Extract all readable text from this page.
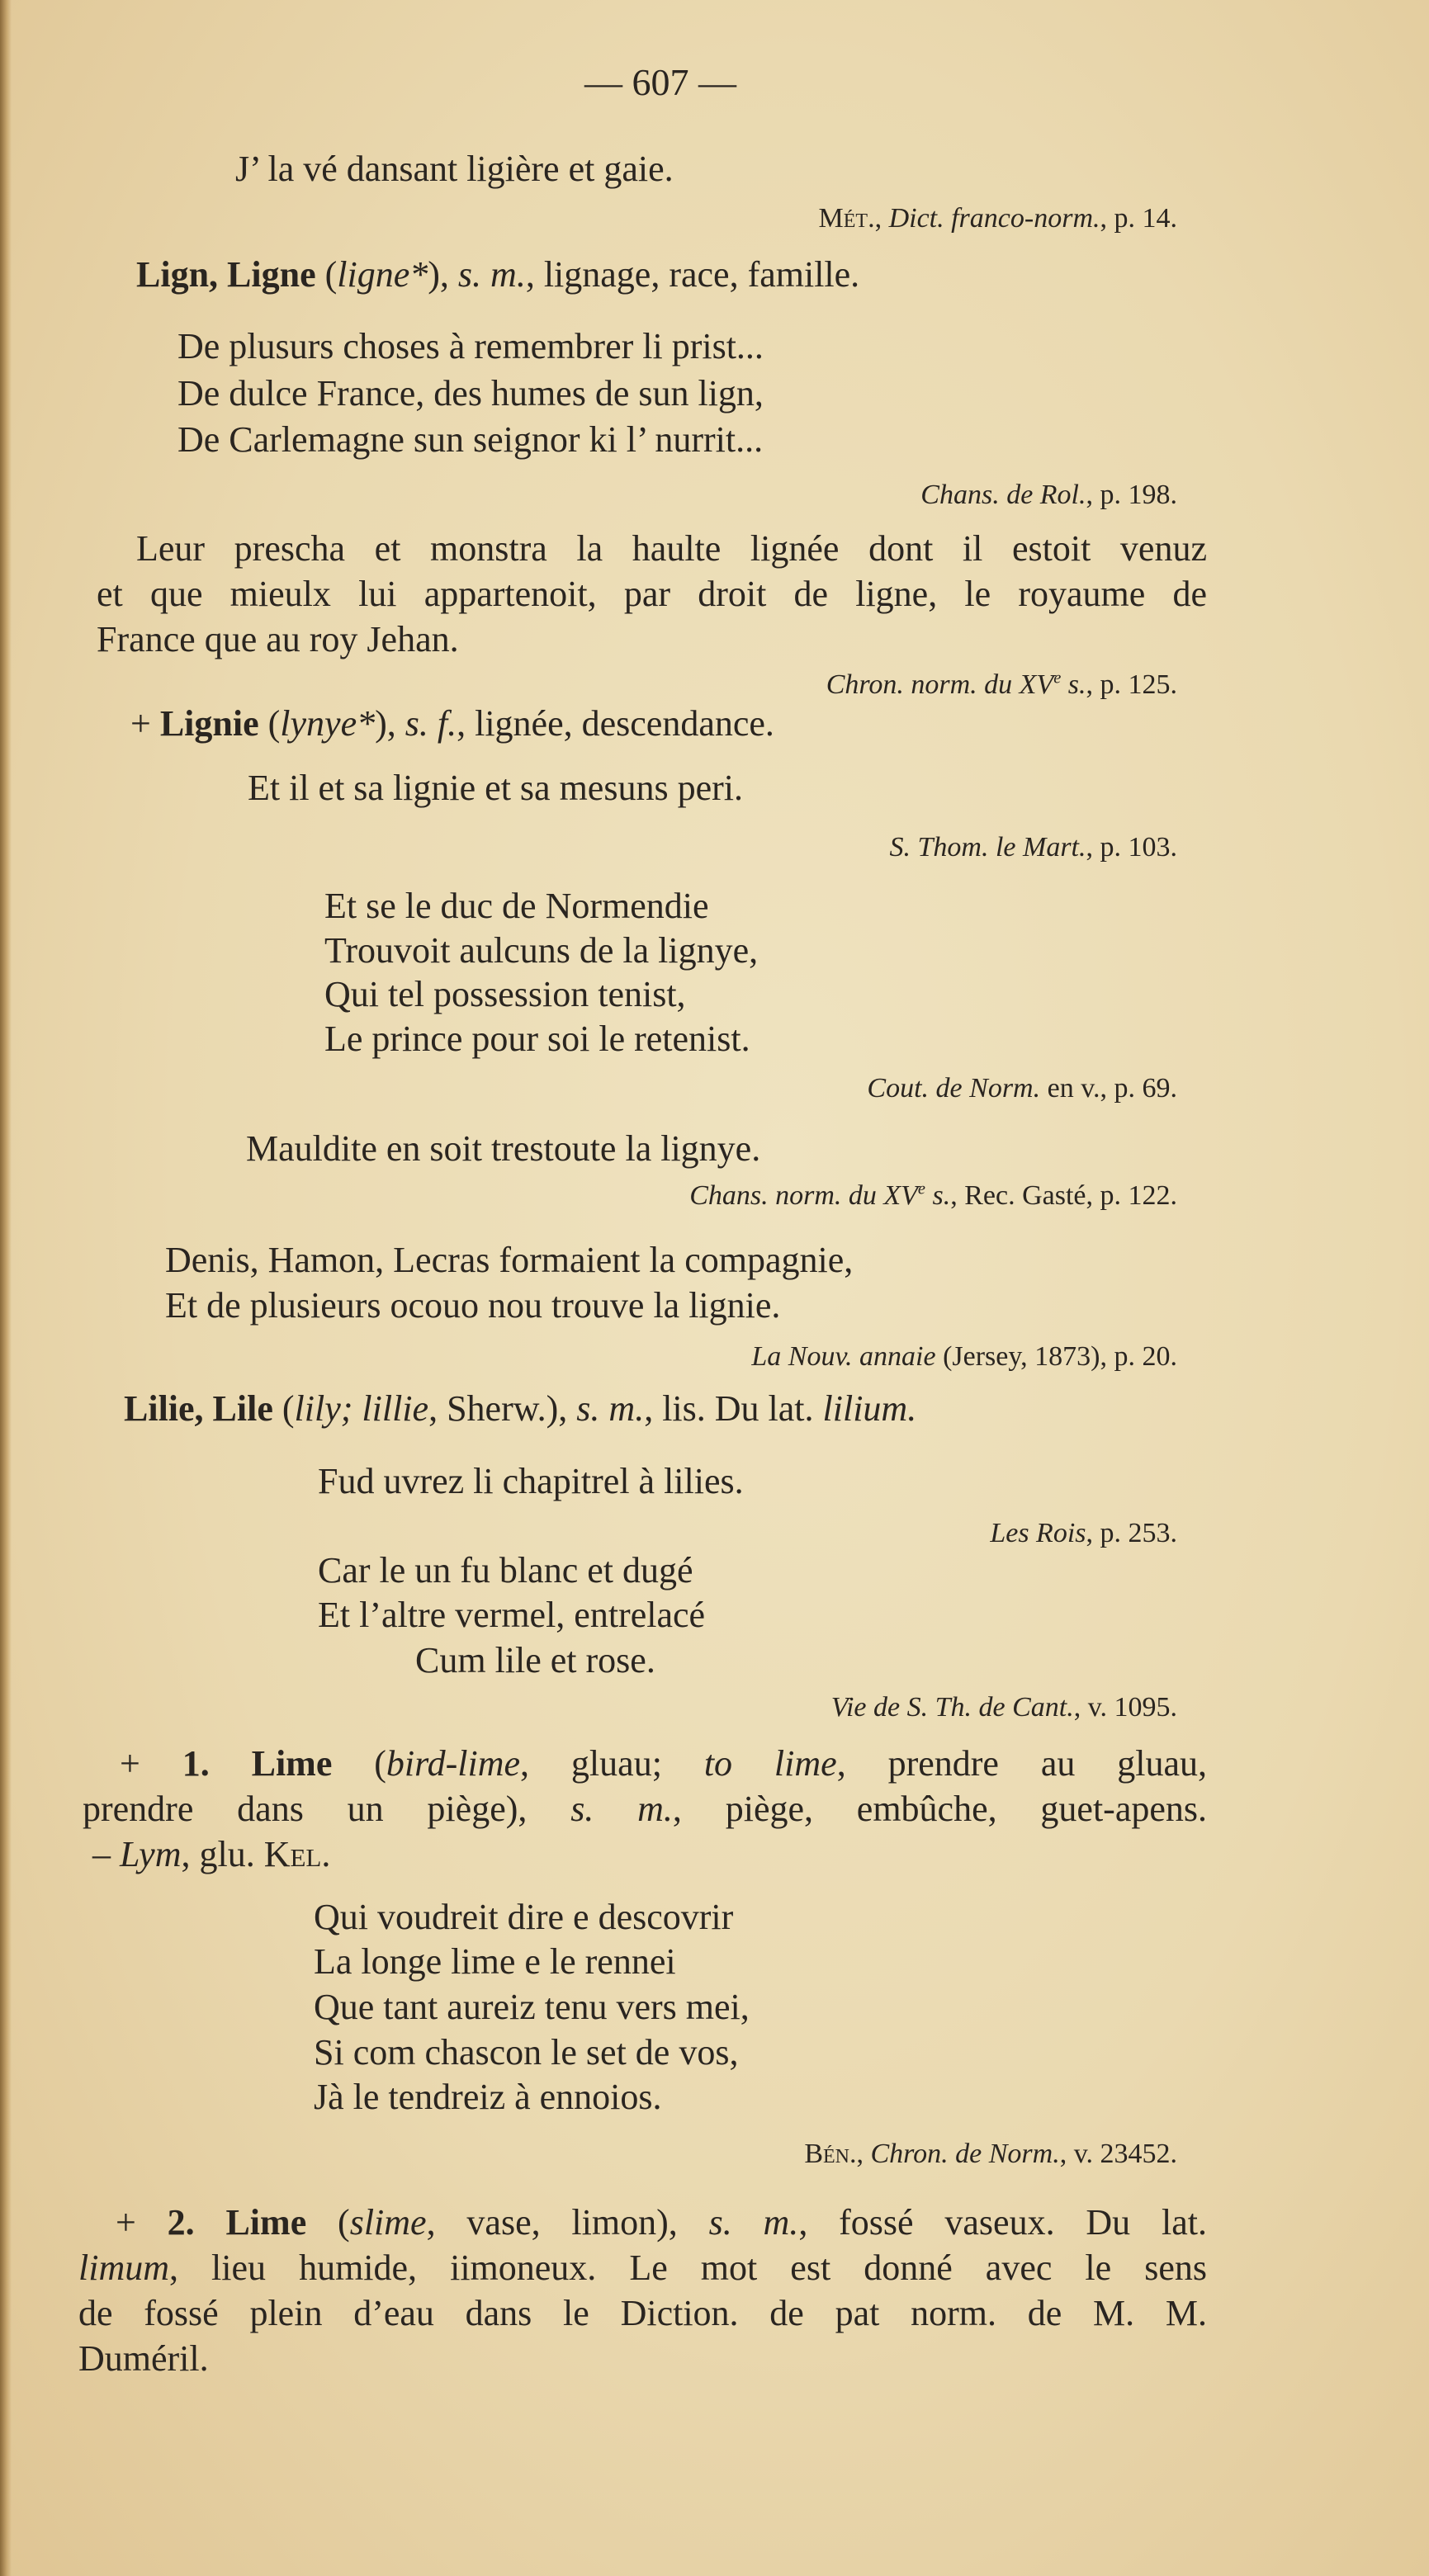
— 607 —
J’ la vé dansant ligière et gaie.
Mét., Dict. franco-norm., p. 14.
Lign, Ligne (ligne*), s. m., lignage, race, famille.
De plusurs choses à remembrer li prist...
De dulce France, des humes de sun lign,
De Carlemagne sun seignor ki l’ nurrit...
Chans. de Rol., p. 198.
Leur prescha et monstra la haulte lignée dont il estoit venuz
et que mieulx lui appartenoit, par droit de ligne, le royaume de
France que au roy Jehan.
Chron. norm. du XVe s., p. 125.
+ Lignie (lynye*), s. f., lignée, descendance.
Et il et sa lignie et sa mesuns peri.
S. Thom. le Mart., p. 103.
Et se le duc de Normendie
Trouvoit aulcuns de la lignye,
Qui tel possession tenist,
Le prince pour soi le retenist.
Cout. de Norm. en v., p. 69.
Mauldite en soit trestoute la lignye.
Chans. norm. du XVe s., Rec. Gasté, p. 122.
Denis, Hamon, Lecras formaient la compagnie,
Et de plusieurs ocouo nou trouve la lignie.
La Nouv. annaie (Jersey, 1873), p. 20.
Lilie, Lile (lily; lillie, Sherw.), s. m., lis. Du lat. lilium.
Fud uvrez li chapitrel à lilies.
Les Rois, p. 253.
Car le un fu blanc et dugé
Et l’altre vermel, entrelacé
Cum lile et rose.
Vie de S. Th. de Cant., v. 1095.
+ 1. Lime (bird-lime, gluau; to lime, prendre au gluau,
prendre dans un piège), s. m., piège, embûche, guet-apens.
– Lym, glu. Kel.
Qui voudreit dire e descovrir
La longe lime e le rennei
Que tant aureiz tenu vers mei,
Si com chascon le set de vos,
Jà le tendreiz à ennoios.
Bén., Chron. de Norm., v. 23452.
+ 2. Lime (slime, vase, limon), s. m., fossé vaseux. Du lat.
limum, lieu humide, iimoneux. Le mot est donné avec le sens
de fossé plein d’eau dans le Diction. de pat norm. de M. M.
Duméril.
